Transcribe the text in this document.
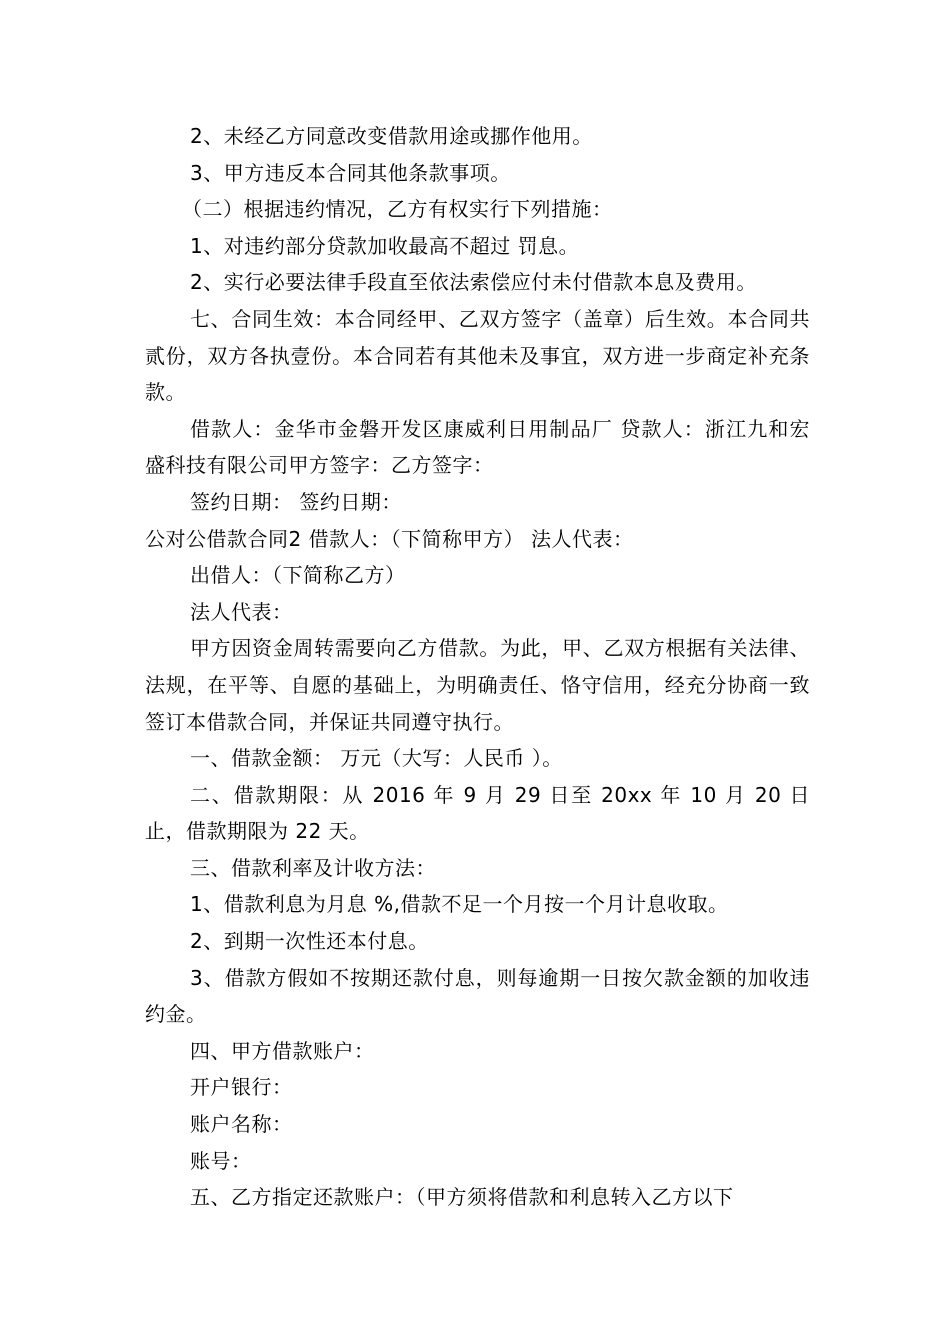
2、未经乙方同意改变借款用途或挪作他用。

3、甲方违反本合同其他条款事项。

（二）根据违约情况，乙方有权实行下列措施：

1、对违约部分贷款加收最高不超过 罚息。

2、实行必要法律手段直至依法索偿应付未付借款本息及费用。

七、合同生效：本合同经甲、乙双方签字（盖章）后生效。本合同共贰份，双方各执壹份。本合同若有其他未及事宜，双方进一步商定补充条款。

借款人：金华市金磐开发区康威利日用制品厂 贷款人：浙江九和宏盛科技有限公司甲方签字：乙方签字：

签约日期： 签约日期：

公对公借款合同2 借款人：（下简称甲方） 法人代表：

出借人：（下简称乙方）

法人代表：

甲方因资金周转需要向乙方借款。为此，甲、乙双方根据有关法律、法规，在平等、自愿的基础上，为明确责任、恪守信用，经充分协商一致签订本借款合同，并保证共同遵守执行。

一、借款金额： 万元（大写：人民币 ）。

二、借款期限：从 2016 年 9 月 29 日至 20xx 年 10 月 20 日止，借款期限为 22 天。

三、借款利率及计收方法：

1、借款利息为月息 %,借款不足一个月按一个月计息收取。

2、到期一次性还本付息。

3、借款方假如不按期还款付息，则每逾期一日按欠款金额的加收违约金。

四、甲方借款账户：

开户银行：

账户名称：

账号：

五、乙方指定还款账户：（甲方须将借款和利息转入乙方以下
